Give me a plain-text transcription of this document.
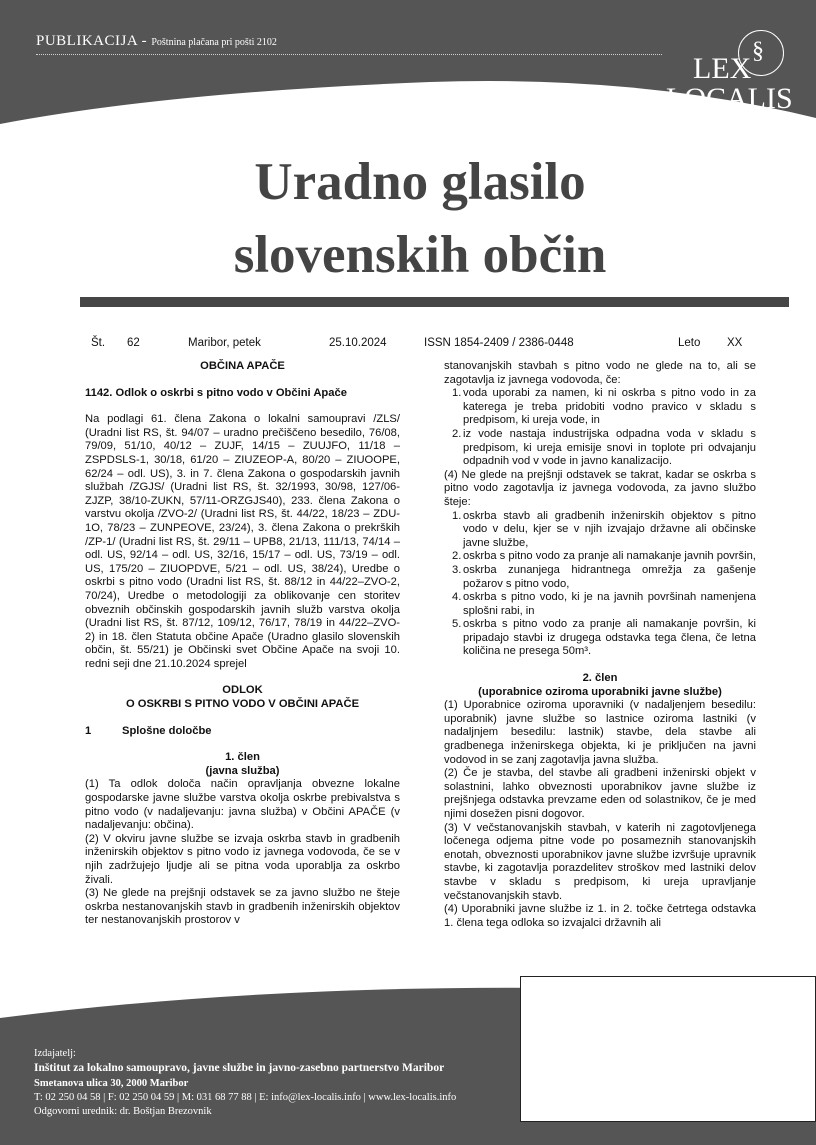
PUBLIKACIJA - Poštnina plačana pri pošti 2102	§
LEX
LOCALIS
Uradno glasilo
slovenskih občin
Št. 62	Maribor, petek	25.10.2024	ISSN 1854-2409 / 2386-0448	Leto XX

OBČINA APAČE

1142. Odlok o oskrbi s pitno vodo v Občini Apače

Na podlagi 61. člena Zakona o lokalni samoupravi /ZLS/ (Uradni list RS, št. 94/07 – uradno prečiščeno besedilo, 76/08, 79/09, 51/10, 40/12 – ZUJF, 14/15 – ZUUJFO, 11/18 – ZSPDSLS-1, 30/18, 61/20 – ZIUZEOP-A, 80/20 – ZIUOOPE, 62/24 – odl. US), 3. in 7. člena Zakona o gospodarskih javnih službah /ZGJS/ (Uradni list RS, št. 32/1993, 30/98, 127/06-ZJZP, 38/10-ZUKN, 57/11-ORZGJS40), 233. člena Zakona o varstvu okolja /ZVO-2/ (Uradni list RS, št. 44/22, 18/23 – ZDU-1O, 78/23 – ZUNPEOVE, 23/24), 3. člena Zakona o prekrških /ZP-1/ (Uradni list RS, št. 29/11 – UPB8, 21/13, 111/13, 74/14 – odl. US, 92/14 – odl. US, 32/16, 15/17 – odl. US, 73/19 – odl. US, 175/20 – ZIUOPDVE, 5/21 – odl. US, 38/24), Uredbe o oskrbi s pitno vodo (Uradni list RS, št. 88/12 in 44/22–ZVO-2, 70/24), Uredbe o metodologiji za oblikovanje cen storitev obveznih občinskih gospodarskih javnih služb varstva okolja (Uradni list RS, št. 87/12, 109/12, 76/17, 78/19 in 44/22–ZVO-2) in 18. člen Statuta občine Apače (Uradno glasilo slovenskih občin, št. 55/21) je Občinski svet Občine Apače na svoji 10. redni seji dne 21.10.2024 sprejel

ODLOK

O OSKRBI S PITNO VODO V OBČINI APAČE

1	Splošne določbe

1. člen

(javna služba)

(1) Ta odlok določa način opravljanja obvezne lokalne gospodarske javne službe varstva okolja oskrbe prebivalstva s pitno vodo (v nadaljevanju: javna služba) v Občini APAČE (v nadaljevanju: občina).

(2) V okviru javne službe se izvaja oskrba stavb in gradbenih inženirskih objektov s pitno vodo iz javnega vodovoda, če se v njih zadržujejo ljudje ali se pitna voda uporablja za oskrbo živali.

(3) Ne glede na prejšnji odstavek se za javno službo ne šteje oskrba nestanovanjskih stavb in gradbenih inženirskih objektov ter nestanovanjskih prostorov v

stanovanjskih stavbah s pitno vodo ne glede na to, ali se zagotavlja iz javnega vodovoda, če:

1. voda uporabi za namen, ki ni oskrba s pitno vodo in za katerega je treba pridobiti vodno pravico v skladu s predpisom, ki ureja vode, in
2. iz vode nastaja industrijska odpadna voda v skladu s predpisom, ki ureja emisije snovi in toplote pri odvajanju odpadnih vod v vode in javno kanalizacijo.

(4) Ne glede na prejšnji odstavek se takrat, kadar se oskrba s pitno vodo zagotavlja iz javnega vodovoda, za javno službo šteje:

1. oskrba stavb ali gradbenih inženirskih objektov s pitno vodo v delu, kjer se v njih izvajajo državne ali občinske javne službe,
2. oskrba s pitno vodo za pranje ali namakanje javnih površin,
3. oskrba zunanjega hidrantnega omrežja za gašenje požarov s pitno vodo,
4. oskrba s pitno vodo, ki je na javnih površinah namenjena splošni rabi, in
5. oskrba s pitno vodo za pranje ali namakanje površin, ki pripadajo stavbi iz drugega odstavka tega člena, če letna količina ne presega 50m³.

2. člen

(uporabnice oziroma uporabniki javne službe)

(1) Uporabnice oziroma uporavniki (v nadaljenjem besedilu: uporabnik) javne službe so lastnice oziroma lastniki (v nadaljnjem besedilu: lastnik) stavbe, dela stavbe ali gradbenega inženirskega objekta, ki je priključen na javni vodovod in se zanj zagotavlja javna služba.

(2) Če je stavba, del stavbe ali gradbeni inženirski objekt v solastnini, lahko obveznosti uporabnikov javne službe iz prejšnjega odstavka prevzame eden od solastnikov, če je med njimi dosežen pisni dogovor.

(3) V večstanovanjskih stavbah, v katerih ni zagotovljenega ločenega odjema pitne vode po posameznih stanovanjskih enotah, obveznosti uporabnikov javne službe izvršuje upravnik stavbe, ki zagotavlja porazdelitev stroškov med lastniki delov stavbe v skladu s predpisom, ki ureja upravljanje večstanovanjskih stavb.

(4) Uporabniki javne službe iz 1. in 2. točke četrtega odstavka 1. člena tega odloka so izvajalci državnih ali

Izdajatelj:
Inštitut za lokalno samoupravo, javne službe in javno-zasebno partnerstvo Maribor
Smetanova ulica 30, 2000 Maribor
T: 02 250 04 58 | F: 02 250 04 59 | M: 031 68 77 88 | E: info@lex-localis.info | www.lex-localis.info
Odgovorni urednik: dr. Boštjan Brezovnik
